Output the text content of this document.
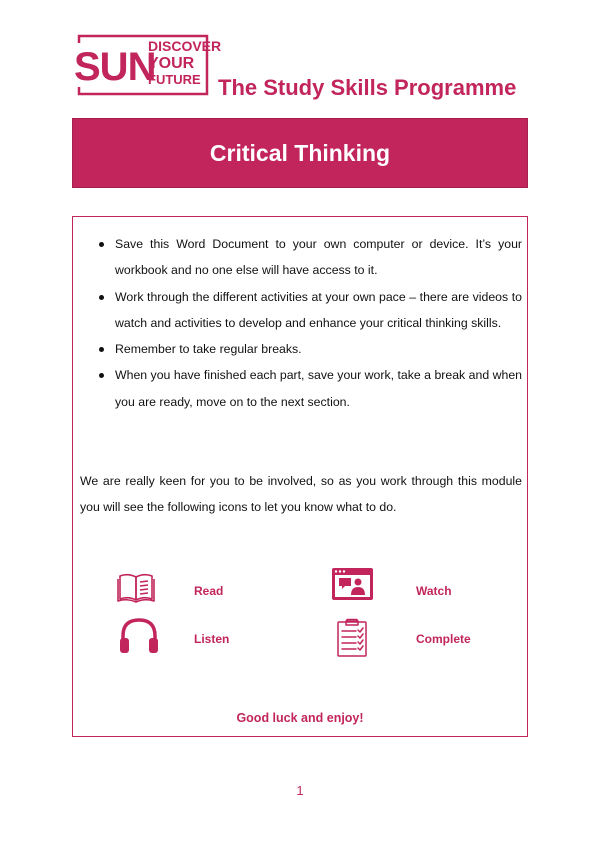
SUN
DISCOVER
YOUR
FUTURE The Study Skills Programme
Critical Thinking
Save this Word Document to your own computer or device. It’s your workbook and no one else will have access to it.
Work through the different activities at your own pace – there are videos to watch and activities to develop and enhance your critical thinking skills.
Remember to take regular breaks.
When you have finished each part, save your work, take a break and when you are ready, move on to the next section.

We are really keen for you to be involved, so as you work through this module you will see the following icons to let you know what to do.

Read	Watch
Listen	Complete
Good luck and enjoy!
1
